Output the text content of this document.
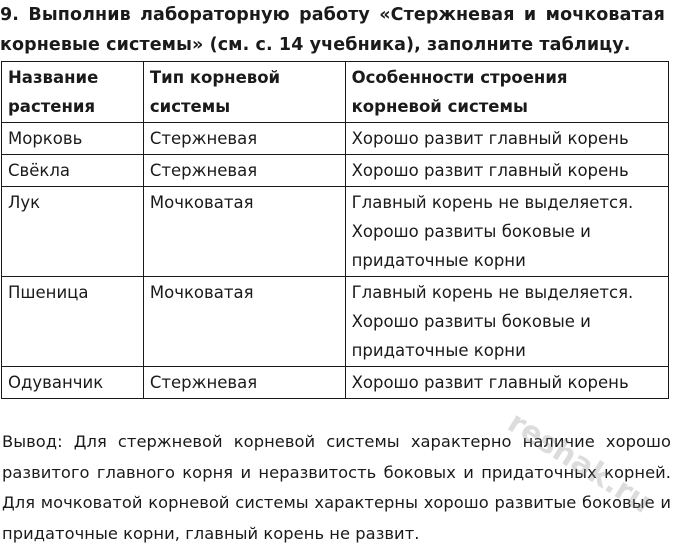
9. Выполнив лабораторную работу «Стержневая и мочковатая
корневые системы» (см. с. 14 учебника), заполните таблицу.
Название растения	Тип корневой системы	Особенности строения корневой системы
Морковь	Стержневая	Хорошо развит главный корень
Свёкла	Стержневая	Хорошо развит главный корень
Лук	Мочковатая	Главный корень не выделяется. Хорошо развиты боковые и придаточные корни
Пшеница	Мочковатая	Главный корень не выделяется. Хорошо развиты боковые и придаточные корни
Одуванчик	Стержневая	Хорошо развит главный корень
Вывод: Для стержневой корневой системы характерно наличие хорошо развитого главного корня и неразвитость боковых и придаточных корней. Для мочковатой корневой системы характерны хорошо развитые боковые и придаточные корни, главный корень не развит.
reshak.ru
